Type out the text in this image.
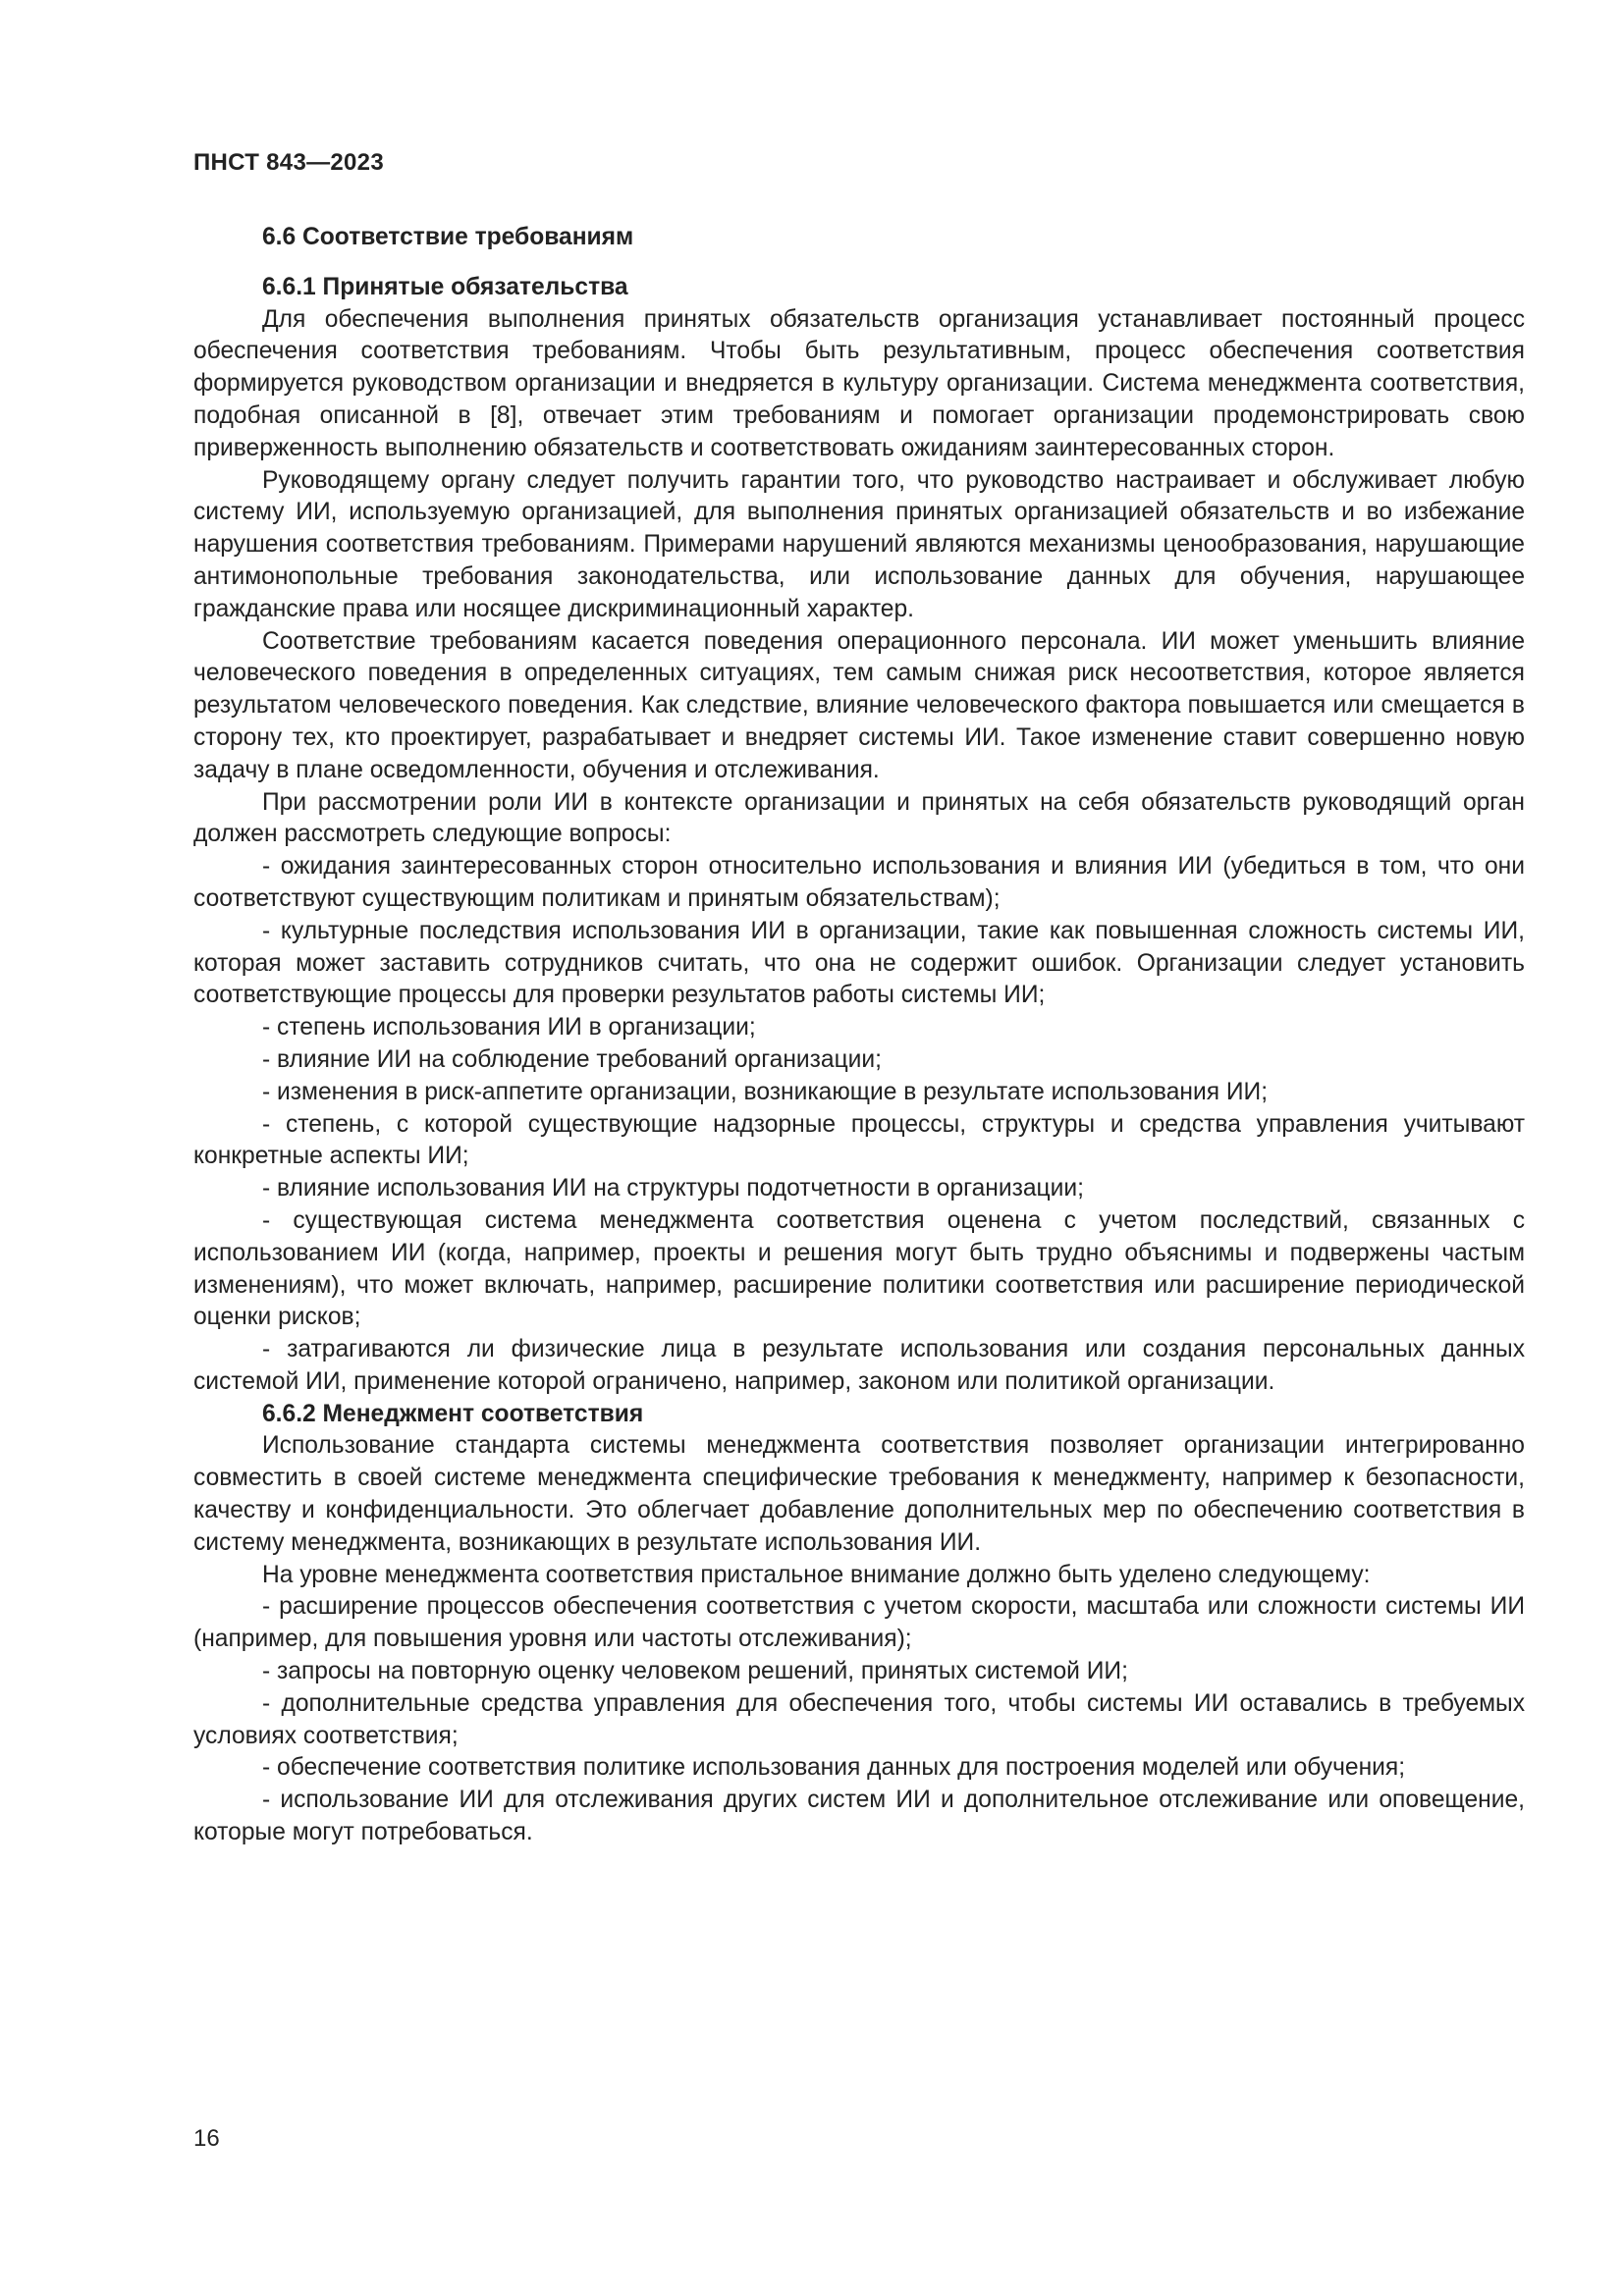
ПНСТ 843—2023
6.6 Соответствие требованиям
6.6.1 Принятые обязательства

Для обеспечения выполнения принятых обязательств организация устанавливает постоянный процесс обеспечения соответствия требованиям. Чтобы быть результативным, процесс обеспечения соответствия формируется руководством организации и внедряется в культуру организации. Система менеджмента соответствия, подобная описанной в [8], отвечает этим требованиям и помогает организации продемонстрировать свою приверженность выполнению обязательств и соответствовать ожиданиям заинтересованных сторон.

Руководящему органу следует получить гарантии того, что руководство настраивает и обслуживает любую систему ИИ, используемую организацией, для выполнения принятых организацией обязательств и во избежание нарушения соответствия требованиям. Примерами нарушений являются механизмы ценообразования, нарушающие антимонопольные требования законодательства, или использование данных для обучения, нарушающее гражданские права или носящее дискриминационный характер.

Соответствие требованиям касается поведения операционного персонала. ИИ может уменьшить влияние человеческого поведения в определенных ситуациях, тем самым снижая риск несоответствия, которое является результатом человеческого поведения. Как следствие, влияние человеческого фактора повышается или смещается в сторону тех, кто проектирует, разрабатывает и внедряет системы ИИ. Такое изменение ставит совершенно новую задачу в плане осведомленности, обучения и отслеживания.

При рассмотрении роли ИИ в контексте организации и принятых на себя обязательств руководящий орган должен рассмотреть следующие вопросы:

- ожидания заинтересованных сторон относительно использования и влияния ИИ (убедиться в том, что они соответствуют существующим политикам и принятым обязательствам);

- культурные последствия использования ИИ в организации, такие как повышенная сложность системы ИИ, которая может заставить сотрудников считать, что она не содержит ошибок. Организации следует установить соответствующие процессы для проверки результатов работы системы ИИ;

- степень использования ИИ в организации;

- влияние ИИ на соблюдение требований организации;

- изменения в риск-аппетите организации, возникающие в результате использования ИИ;

- степень, с которой существующие надзорные процессы, структуры и средства управления учитывают конкретные аспекты ИИ;

- влияние использования ИИ на структуры подотчетности в организации;

- существующая система менеджмента соответствия оценена с учетом последствий, связанных с использованием ИИ (когда, например, проекты и решения могут быть трудно объяснимы и подвержены частым изменениям), что может включать, например, расширение политики соответствия или расширение периодической оценки рисков;

- затрагиваются ли физические лица в результате использования или создания персональных данных системой ИИ, применение которой ограничено, например, законом или политикой организации.

6.6.2 Менеджмент соответствия

Использование стандарта системы менеджмента соответствия позволяет организации интегрированно совместить в своей системе менеджмента специфические требования к менеджменту, например к безопасности, качеству и конфиденциальности. Это облегчает добавление дополнительных мер по обеспечению соответствия в систему менеджмента, возникающих в результате использования ИИ.

На уровне менеджмента соответствия пристальное внимание должно быть уделено следующему:

- расширение процессов обеспечения соответствия с учетом скорости, масштаба или сложности системы ИИ (например, для повышения уровня или частоты отслеживания);

- запросы на повторную оценку человеком решений, принятых системой ИИ;

- дополнительные средства управления для обеспечения того, чтобы системы ИИ оставались в требуемых условиях соответствия;

- обеспечение соответствия политике использования данных для построения моделей или обучения;

- использование ИИ для отслеживания других систем ИИ и дополнительное отслеживание или оповещение, которые могут потребоваться.

16
